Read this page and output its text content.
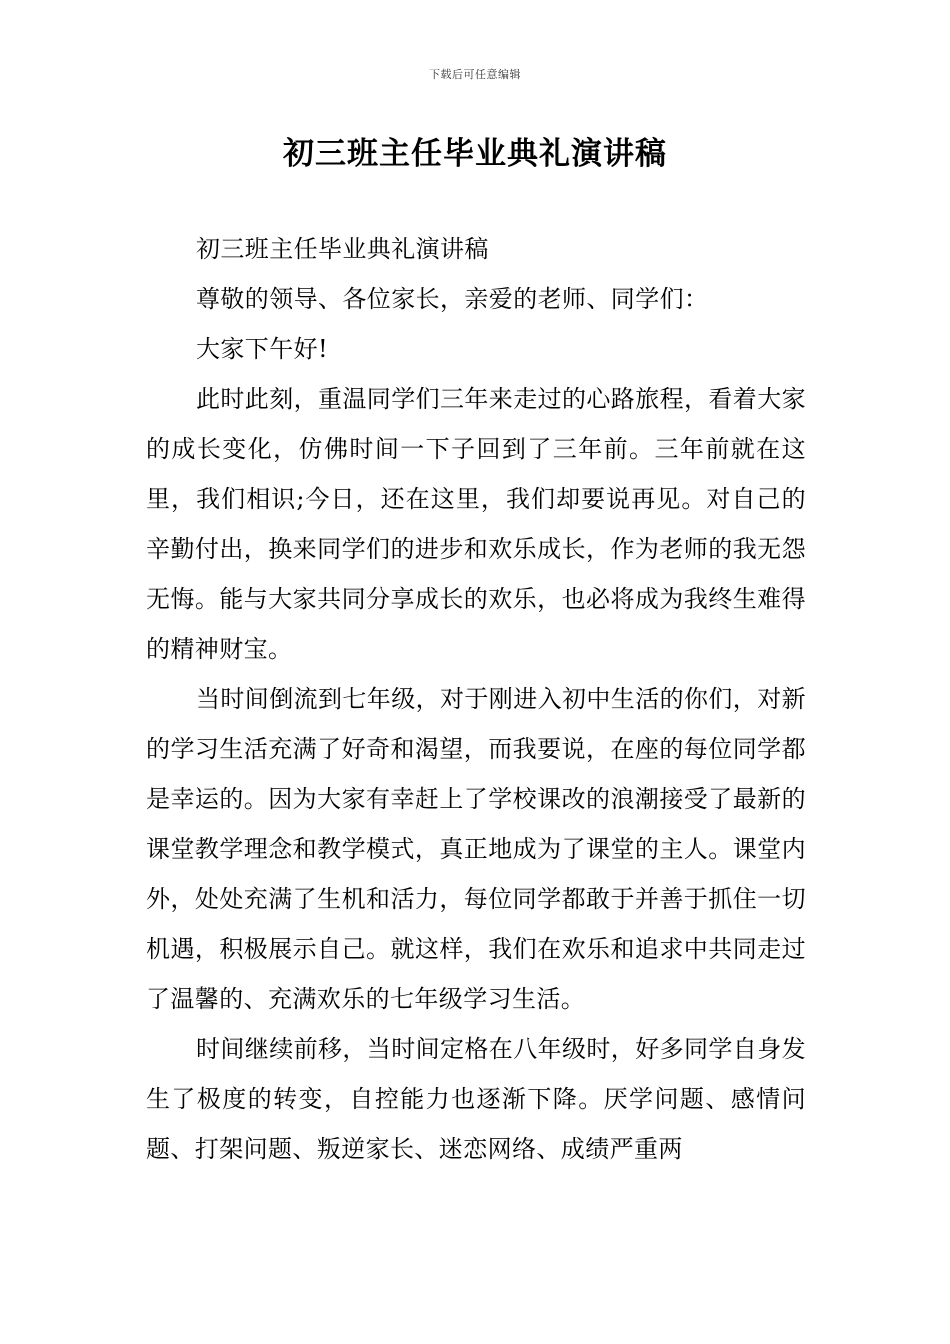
下载后可任意编辑
初三班主任毕业典礼演讲稿

初三班主任毕业典礼演讲稿

尊敬的领导、各位家长，亲爱的老师、同学们：

大家下午好!

此时此刻，重温同学们三年来走过的心路旅程，看着大家的成长变化，仿佛时间一下子回到了三年前。三年前就在这里，我们相识;今日，还在这里，我们却要说再见。对自己的辛勤付出，换来同学们的进步和欢乐成长，作为老师的我无怨无悔。能与大家共同分享成长的欢乐，也必将成为我终生难得的精神财宝。

当时间倒流到七年级，对于刚进入初中生活的你们，对新的学习生活充满了好奇和渴望，而我要说，在座的每位同学都是幸运的。因为大家有幸赶上了学校课改的浪潮接受了最新的课堂教学理念和教学模式，真正地成为了课堂的主人。课堂内外，处处充满了生机和活力，每位同学都敢于并善于抓住一切机遇，积极展示自己。就这样，我们在欢乐和追求中共同走过了温馨的、充满欢乐的七年级学习生活。

时间继续前移，当时间定格在八年级时，好多同学自身发生了极度的转变，自控能力也逐渐下降。厌学问题、感情问题、打架问题、叛逆家长、迷恋网络、成绩严重两
